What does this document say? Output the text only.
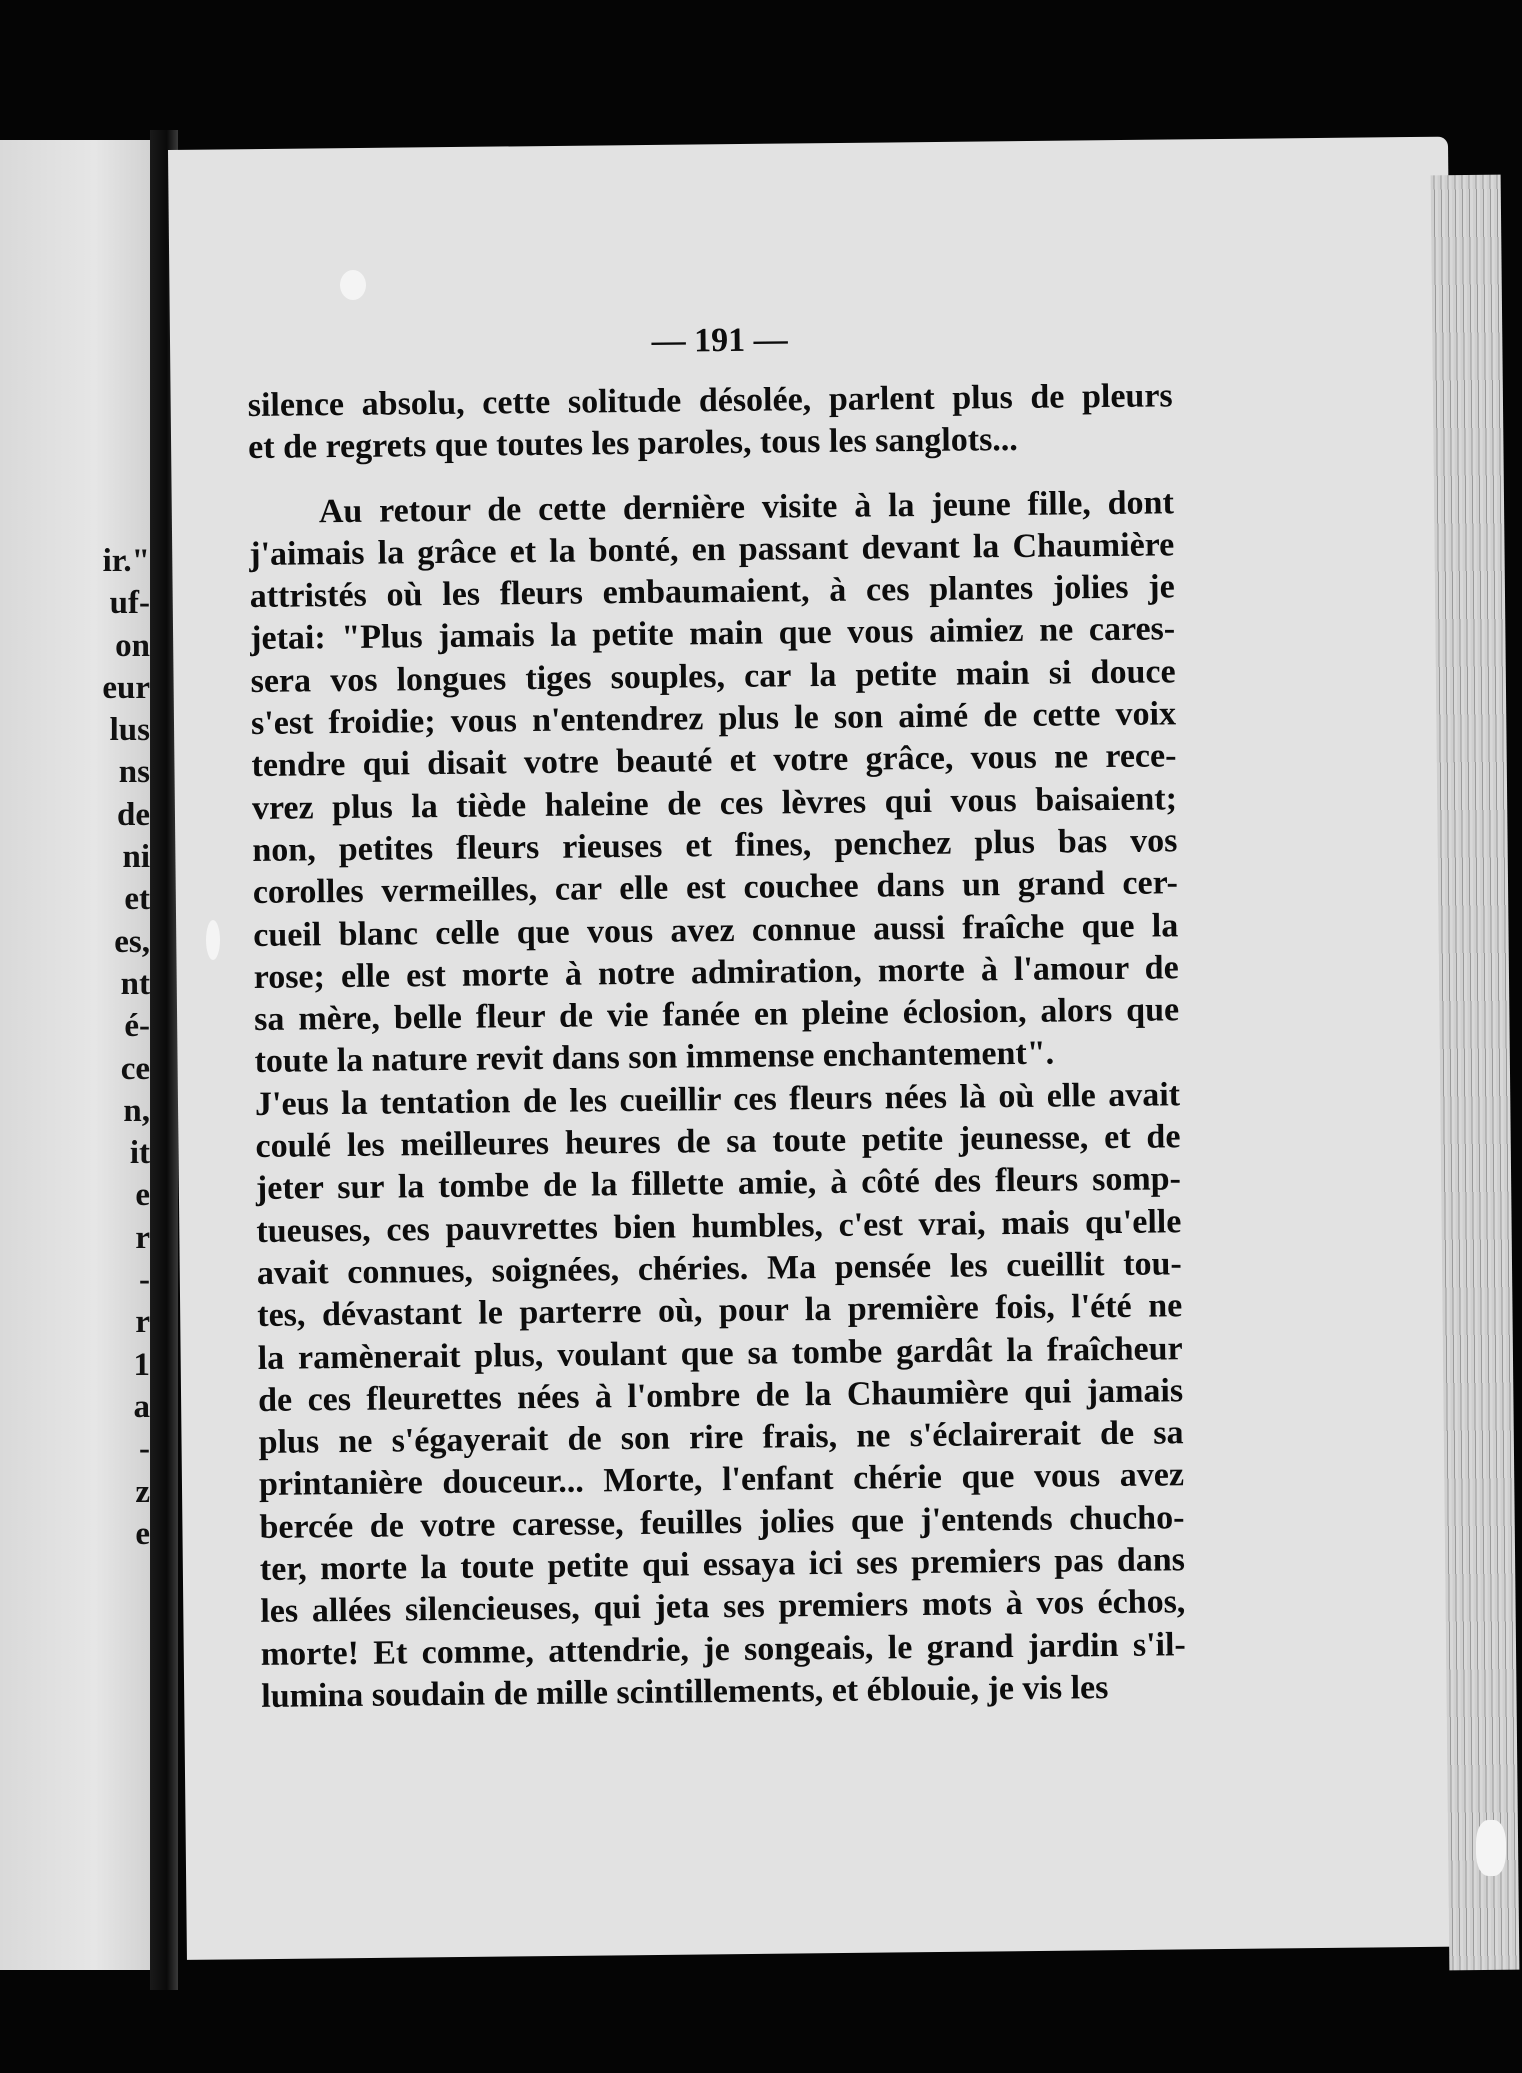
ir."
uf-
on
eur
lus
ns
de
ni
et
es,
nt
é-
ce
n,
it
e
r
-
r
1
a
-
z
e
— 191 —
silence absolu, cette solitude désolée, parlent plus de pleurs
et de regrets que toutes les paroles, tous les sanglots...
Au retour de cette dernière visite à la jeune fille, dont
j'aimais la grâce et la bonté, en passant devant la Chaumière
attristés où les fleurs embaumaient, à ces plantes jolies je
jetai: "Plus jamais la petite main que vous aimiez ne cares-
sera vos longues tiges souples, car la petite main si douce
s'est froidie; vous n'entendrez plus le son aimé de cette voix
tendre qui disait votre beauté et votre grâce, vous ne rece-
vrez plus la tiède haleine de ces lèvres qui vous baisaient;
non, petites fleurs rieuses et fines, penchez plus bas vos
corolles vermeilles, car elle est couchee dans un grand cer-
cueil blanc celle que vous avez connue aussi fraîche que la
rose; elle est morte à notre admiration, morte à l'amour de
sa mère, belle fleur de vie fanée en pleine éclosion, alors que
toute la nature revit dans son immense enchantement".
J'eus la tentation de les cueillir ces fleurs nées là où elle avait
coulé les meilleures heures de sa toute petite jeunesse, et de
jeter sur la tombe de la fillette amie, à côté des fleurs somp-
tueuses, ces pauvrettes bien humbles, c'est vrai, mais qu'elle
avait connues, soignées, chéries. Ma pensée les cueillit tou-
tes, dévastant le parterre où, pour la première fois, l'été ne
la ramènerait plus, voulant que sa tombe gardât la fraîcheur
de ces fleurettes nées à l'ombre de la Chaumière qui jamais
plus ne s'égayerait de son rire frais, ne s'éclairerait de sa
printanière douceur... Morte, l'enfant chérie que vous avez
bercée de votre caresse, feuilles jolies que j'entends chucho-
ter, morte la toute petite qui essaya ici ses premiers pas dans
les allées silencieuses, qui jeta ses premiers mots à vos échos,
morte! Et comme, attendrie, je songeais, le grand jardin s'il-
lumina soudain de mille scintillements, et éblouie, je vis les
